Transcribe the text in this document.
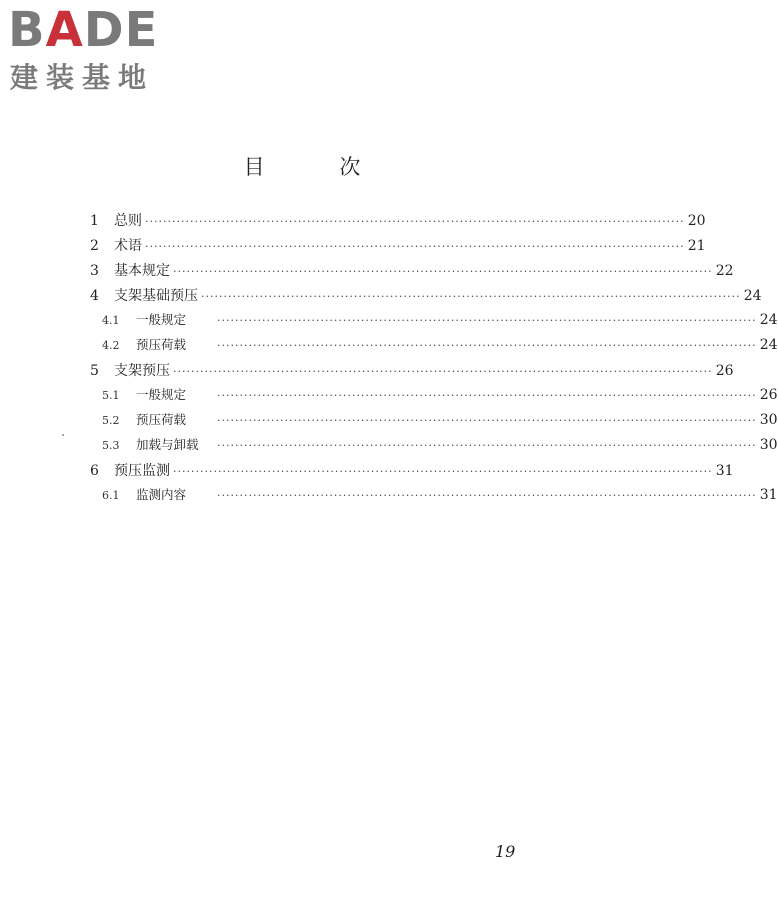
BADE
建装基地
目 次
1	总则 ························································································································ 20
2	术语 ························································································································ 21
3	基本规定 ························································································································ 22
4	支架基础预压 ························································································································ 24
4.1 一般规定	························································································································ 24
4.2 预压荷载	························································································································ 24
5	支架预压 ························································································································ 26
5.1 一般规定	························································································································ 26
5.2 预压荷载	························································································································ 30
5.3 加载与卸载	························································································································ 30
6	预压监测 ························································································································ 31
6.1 监测内容	························································································································ 31
19
